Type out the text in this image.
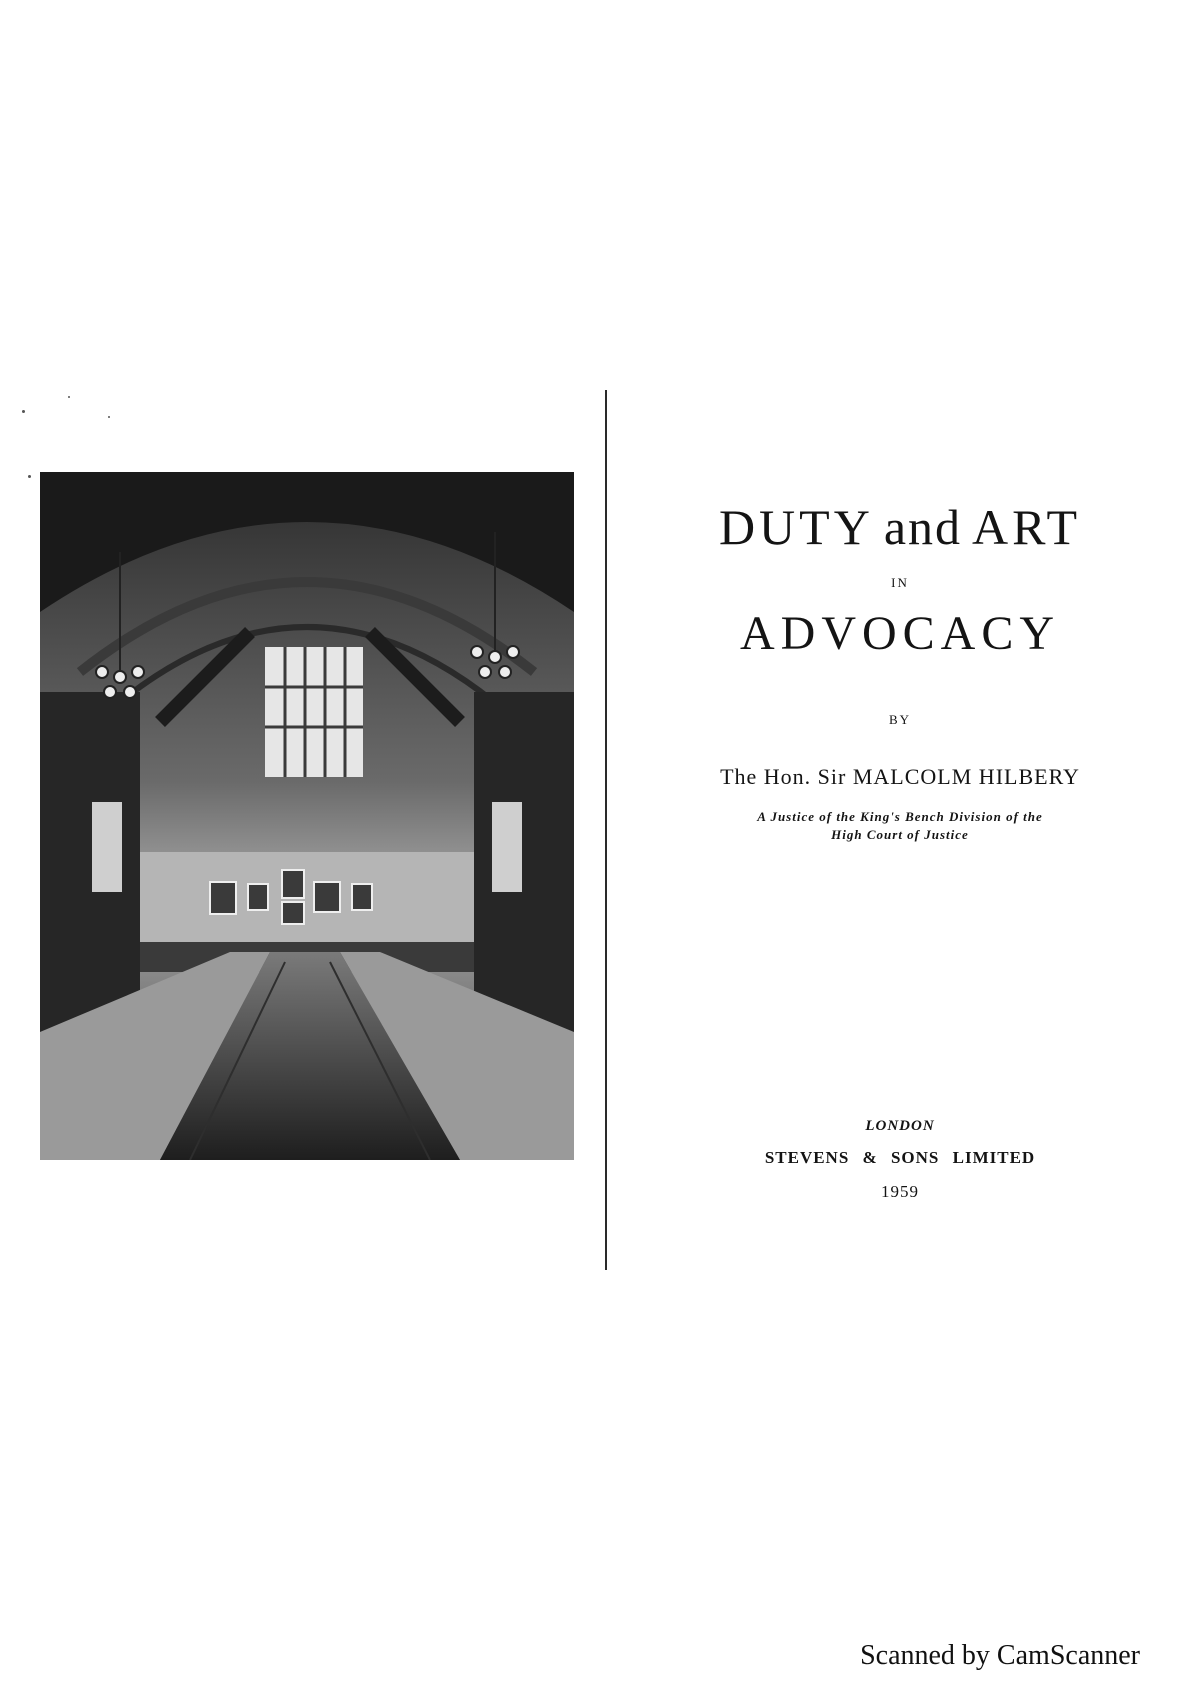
DUTY and ART
IN
ADVOCACY
BY
The Hon. Sir MALCOLM HILBERY
A Justice of the King's Bench Division of the
High Court of Justice
LONDON
STEVENS & SONS LIMITED
1959
Scanned by CamScanner
